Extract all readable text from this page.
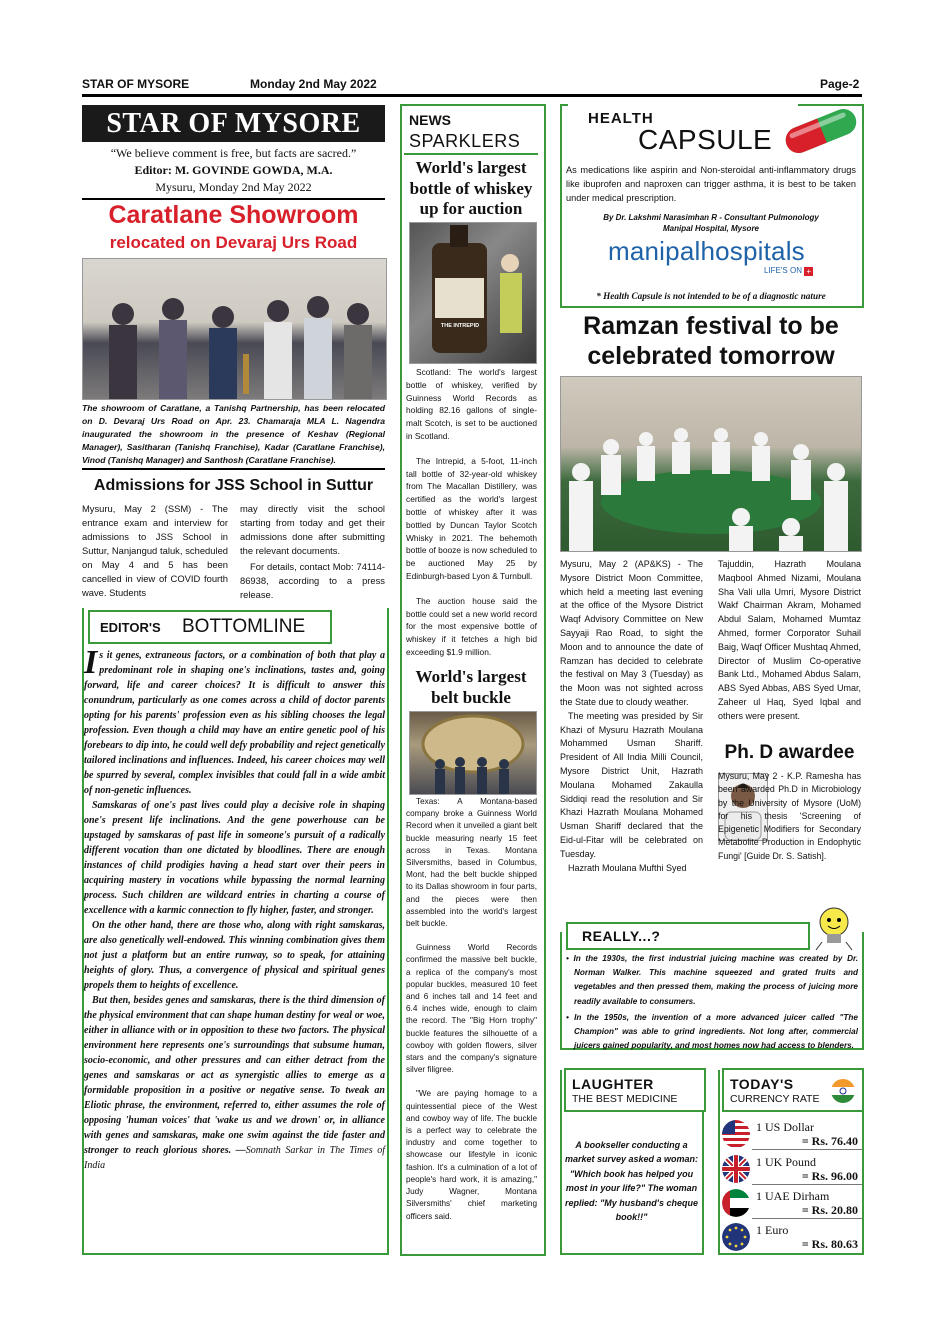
STAR OF MYSORE	Monday 2nd May 2022	Page-2
STAR OF MYSORE
“We believe comment is free, but facts are sacred.”
Editor: M. GOVINDE GOWDA, M.A.
Mysuru, Monday 2nd May 2022
Caratlane Showroom
relocated on Devaraj Urs Road
The showroom of Caratlane, a Tanishq Partnership, has been relocated on D. Devaraj Urs Road on Apr. 23. Chamaraja MLA L. Nagendra inaugurated the showroom in the presence of Keshav (Regional Manager), Sasitharan (Tanishq Franchise), Kadar (Caratlane Franchise), Vinod (Tanishq Manager) and Santhosh (Caratlane Franchise).
Admissions for JSS School in Suttur
Mysuru, May 2 (SSM) - The entrance exam and interview for admissions to JSS School in Suttur, Nanjangud taluk, scheduled on May 4 and 5 has been cancelled in view of COVID fourth wave. Students
may directly visit the school starting from today and get their admissions done after submitting the relevant documents.
For details, contact Mob: 74114-86938, according to a press release.
EDITOR'S BOTTOMLINE

Is it genes, extraneous factors, or a combination of both that play a predominant role in shaping one's inclinations, tastes and, going forward, life and career choices? It is difficult to answer this conundrum, particularly as one comes across a child of doctor parents opting for his parents' profession even as his sibling chooses the legal profession. Even though a child may have an entire genetic pool of his forebears to dip into, he could well defy probability and reject genetically tailored inclinations and influences. Indeed, his career choices may well be spurred by several, complex invisibles that could fall in a wide ambit of non-genetic influences.

Samskaras of one's past lives could play a decisive role in shaping one's present life inclinations. And the gene powerhouse can be upstaged by samskaras of past life in someone's pursuit of a radically different vocation than one dictated by bloodlines. There are enough instances of child prodigies having a head start over their peers in acquiring mastery in vocations while bypassing the normal learning process. Such children are wildcard entries in charting a course of excellence with a karmic connection to fly higher, faster, and stronger.

On the other hand, there are those who, along with right samskaras, are also genetically well-endowed. This winning combination gives them not just a platform but an entire runway, so to speak, for attaining heights of glory. Thus, a convergence of physical and spiritual genes propels them to heights of excellence.

But then, besides genes and samskaras, there is the third dimension of the physical environment that can shape human destiny for weal or woe, either in alliance with or in opposition to these two factors. The physical environment here represents one's surroundings that subsume human, socio-economic, and other pressures and can either detract from the genes and samskaras or act as synergistic allies to emerge as a formidable proposition in a positive or negative sense. To tweak an Eliotic phrase, the environment, referred to, either assumes the role of opposing 'human voices' that 'wake us and we drown' or, in alliance with genes and samskaras, make one swim against the tide faster and stronger to reach glorious shores. —Somnath Sarkar in The Times of India

NEWS
SPARKLERS
World's largest bottle of whiskey up for auction
THE INTREPID

Scotland: The world's largest bottle of whiskey, verified by Guinness World Records as holding 82.16 gallons of single-malt Scotch, is set to be auctioned in Scotland.

The Intrepid, a 5-foot, 11-inch tall bottle of 32-year-old whiskey from The Macallan Distillery, was certified as the world's largest bottle of whiskey after it was bottled by Duncan Taylor Scotch Whisky in 2021. The behemoth bottle of booze is now scheduled to be auctioned May 25 by Edinburgh-based Lyon & Turnbull.

The auction house said the bottle could set a new world record for the most expensive bottle of whiskey if it fetches a high bid exceeding $1.9 million.

World's largest belt buckle

Texas: A Montana-based company broke a Guinness World Record when it unveiled a giant belt buckle measuring nearly 15 feet across in Texas. Montana Silversmiths, based in Columbus, Mont, had the belt buckle shipped to its Dallas showroom in four parts, and the pieces were then assembled into the world's largest belt buckle.

Guinness World Records confirmed the massive belt buckle, a replica of the company's most popular buckles, measured 10 feet and 6 inches tall and 14 feet and 6.4 inches wide, enough to claim the record. The "Big Horn trophy" buckle features the silhouette of a cowboy with golden flowers, silver stars and the company's signature silver filigree.

"We are paying homage to a quintessential piece of the West and cowboy way of life. The buckle is a perfect way to celebrate the industry and come together to showcase our lifestyle in iconic fashion. It's a culmination of a lot of people's hard work, it is amazing," Judy Wagner, Montana Silversmiths' chief marketing officers said.

HEALTH
CAPSULE
As medications like aspirin and Non-steroidal anti-inflammatory drugs like ibuprofen and naproxen can trigger asthma, it is best to be taken under medical prescription.
By Dr. Lakshmi Narasimhan R - Consultant Pulmonology
Manipal Hospital, Mysore
manipalhospitals
LIFE'S ON +
* Health Capsule is not intended to be of a diagnostic nature
Ramzan festival to be
celebrated tomorrow

Mysuru, May 2 (AP&KS) - The Mysore District Moon Committee, which held a meeting last evening at the office of the Mysore District Waqf Advisory Committee on New Sayyaji Rao Road, to sight the Moon and to announce the date of Ramzan has decided to celebrate the festival on May 3 (Tuesday) as the Moon was not sighted across the State due to cloudy weather.

The meeting was presided by Sir Khazi of Mysuru Hazrath Moulana Mohammed Usman Shariff. President of All India Milli Council, Mysore District Unit, Hazrath Moulana Mohamed Zakaulla Siddiqi read the resolution and Sir Khazi Hazrath Moulana Mohamed Usman Shariff declared that the Eid-ul-Fitar will be celebrated on Tuesday.

Hazrath Moulana Mufthi Syed

Tajuddin, Hazrath Moulana Maqbool Ahmed Nizami, Moulana Sha Vali ulla Umri, Mysore District Wakf Chairman Akram, Mohamed Abdul Salam, Mohamed Mumtaz Ahmed, former Corporator Suhail Baig, Waqf Officer Mushtaq Ahmed, Director of Muslim Co-operative Bank Ltd., Mohamed Abdus Salam, ABS Syed Abbas, ABS Syed Umar, Zaheer ul Haq, Syed Iqbal and others were present.
Ph. D awardee
Mysuru, May 2 - K.P. Ramesha has been awarded Ph.D in Microbiology by the University of Mysore (UoM) for his thesis 'Screening of Epigenetic Modifiers for Secondary Metabolite Production in Endophytic Fungi' [Guide Dr. S. Satish].
REALLY...?

• In the 1930s, the first industrial juicing machine was created by Dr. Norman Walker. This machine squeezed and grated fruits and vegetables and then pressed them, making the process of juicing more readily available to consumers.

• In the 1950s, the invention of a more advanced juicer called "The Champion" was able to grind ingredients. Not long after, commercial juicers gained popularity, and most homes now had access to blenders.

LAUGHTER
THE BEST MEDICINE
A bookseller conducting a market survey asked a woman: "Which book has helped you most in your life?" The woman replied: "My husband's cheque book!!"
TODAY'S
CURRENCY RATE
1 US Dollar
= Rs. 76.40
1 UK Pound
= Rs. 96.00
1 UAE Dirham
= Rs. 20.80
1 Euro
= Rs. 80.63
